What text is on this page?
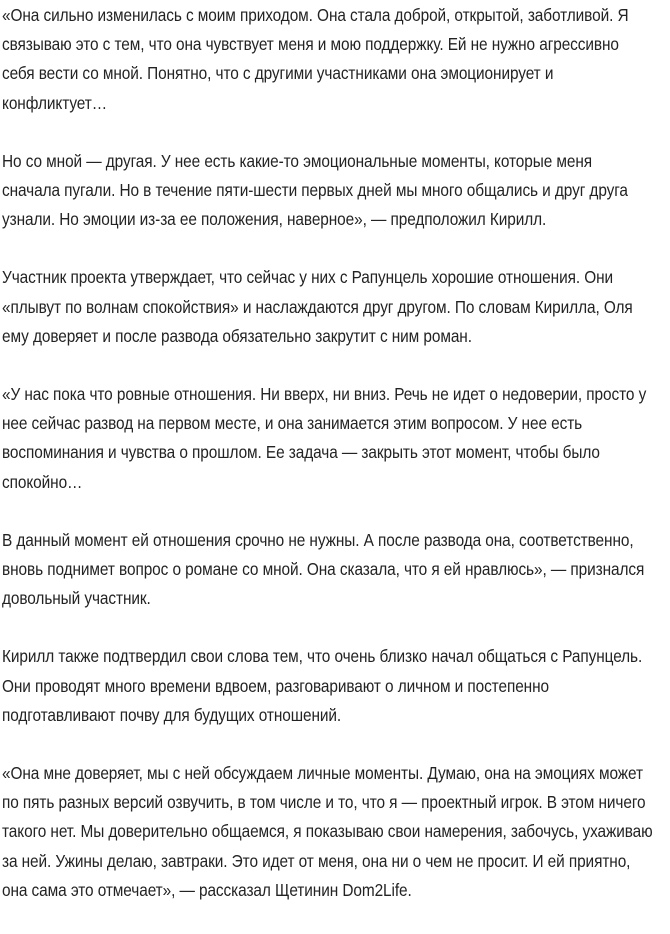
«Она сильно изменилась с моим приходом. Она стала доброй, открытой, заботливой. Я связываю это с тем, что она чувствует меня и мою поддержку. Ей не нужно агрессивно себя вести со мной. Понятно, что с другими участниками она эмоционирует и конфликтует…

Но со мной — другая. У нее есть какие-то эмоциональные моменты, которые меня сначала пугали. Но в течение пяти-шести первых дней мы много общались и друг друга узнали. Но эмоции из-за ее положения, наверное», — предположил Кирилл.

Участник проекта утверждает, что сейчас у них с Рапунцель хорошие отношения. Они «плывут по волнам спокойствия» и наслаждаются друг другом. По словам Кирилла, Оля ему доверяет и после развода обязательно закрутит с ним роман.

«У нас пока что ровные отношения. Ни вверх, ни вниз. Речь не идет о недоверии, просто у нее сейчас развод на первом месте, и она занимается этим вопросом. У нее есть воспоминания и чувства о прошлом. Ее задача — закрыть этот момент, чтобы было спокойно…

В данный момент ей отношения срочно не нужны. А после развода она, соответственно, вновь поднимет вопрос о романе со мной. Она сказала, что я ей нравлюсь», — признался довольный участник.

Кирилл также подтвердил свои слова тем, что очень близко начал общаться с Рапунцель. Они проводят много времени вдвоем, разговаривают о личном и постепенно подготавливают почву для будущих отношений.

«Она мне доверяет, мы с ней обсуждаем личные моменты. Думаю, она на эмоциях может по пять разных версий озвучить, в том числе и то, что я — проектный игрок. В этом ничего такого нет. Мы доверительно общаемся, я показываю свои намерения, забочусь, ухаживаю за ней. Ужины делаю, завтраки. Это идет от меня, она ни о чем не просит. И ей приятно, она сама это отмечает», — рассказал Щетинин Dom2Life.
